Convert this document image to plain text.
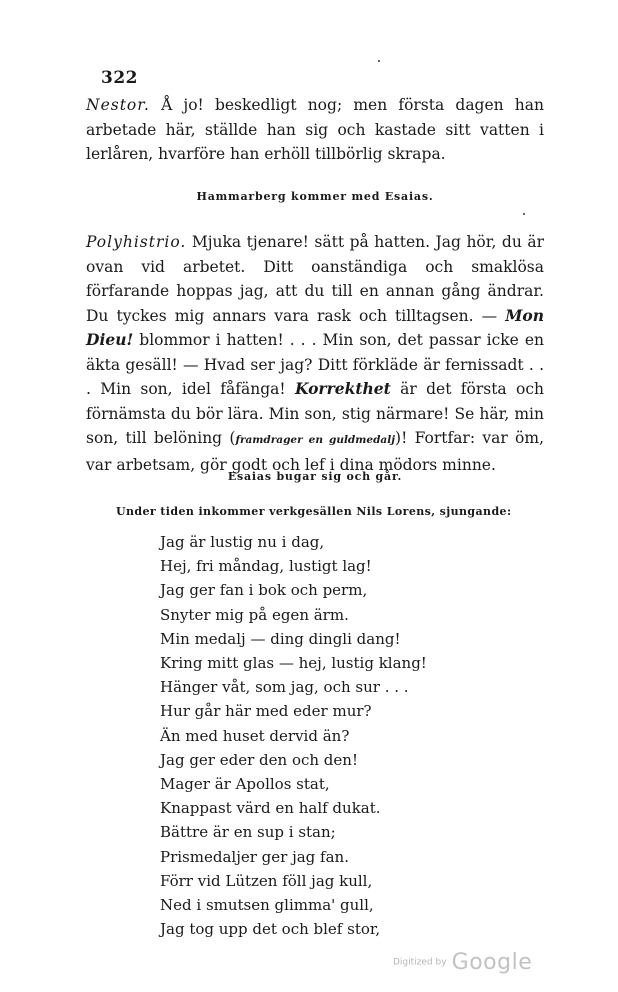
322
Nestor. Å jo! beskedligt nog; men första dagen han arbetade här, ställde han sig och kastade sitt vatten i lerlåren, hvarföre han erhöll tillbörlig skrapa.
Hammarberg kommer med Esaias.
Polyhistrio. Mjuka tjenare! sätt på hatten. Jag hör, du är ovan vid arbetet. Ditt oanständiga och smaklösa förfarande hoppas jag, att du till en annan gång ändrar. Du tyckes mig annars vara rask och tilltagsen. — Mon Dieu! blommor i hatten! . . . Min son, det passar icke en äkta gesäll! — Hvad ser jag? Ditt förkläde är fernissadt . . . Min son, idel fåfänga! Korrekthet är det första och förnämsta du bör lära. Min son, stig närmare! Se här, min son, till belöning (framdrager en guldmedalj)! Fortfar: var öm, var arbetsam, gör godt och lef i dina mödors minne.
Esaias bugar sig och går.
Under tiden inkommer verkgesällen Nils Lorens, sjungande:
Jag är lustig nu i dag,
Hej, fri måndag, lustigt lag!
Jag ger fan i bok och perm,
Snyter mig på egen ärm.
Min medalj — ding dingli dang!
Kring mitt glas — hej, lustig klang!
Hänger våt, som jag, och sur . . .
Hur går här med eder mur?
Än med huset dervid än?
Jag ger eder den och den!
Mager är Apollos stat,
Knappast värd en half dukat.
Bättre är en sup i stan;
Prismedaljer ger jag fan.
Förr vid Lützen föll jag kull,
Ned i smutsen glimma' gull,
Jag tog upp det och blef stor,
Digitized by Google
